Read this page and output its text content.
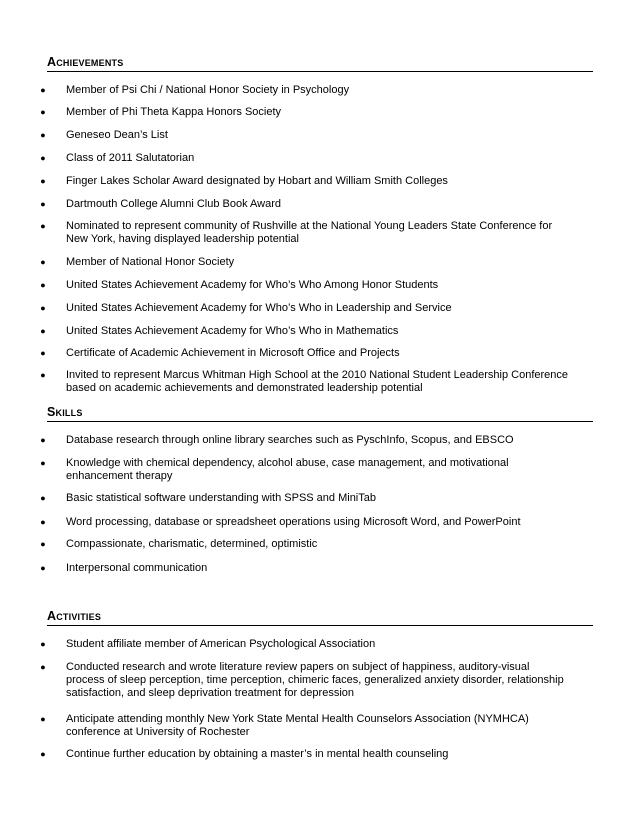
Achievements
● Member of Psi Chi / National Honor Society in Psychology
● Member of Phi Theta Kappa Honors Society
● Geneseo Dean’s List
● Class of 2011 Salutatorian
● Finger Lakes Scholar Award designated by Hobart and William Smith Colleges
● Dartmouth College Alumni Club Book Award
● Nominated to represent community of Rushville at the National Young Leaders State Conference for
New York, having displayed leadership potential
● Member of National Honor Society
● United States Achievement Academy for Who’s Who Among Honor Students
● United States Achievement Academy for Who’s Who in Leadership and Service
● United States Achievement Academy for Who’s Who in Mathematics
● Certificate of Academic Achievement in Microsoft Office and Projects
● Invited to represent Marcus Whitman High School at the 2010 National Student Leadership Conference
based on academic achievements and demonstrated leadership potential
Skills
● Database research through online library searches such as PyschInfo, Scopus, and EBSCO
● Knowledge with chemical dependency, alcohol abuse, case management, and motivational
enhancement therapy
● Basic statistical software understanding with SPSS and MiniTab
● Word processing, database or spreadsheet operations using Microsoft Word, and PowerPoint
● Compassionate, charismatic, determined, optimistic
● Interpersonal communication
Activities
● Student affiliate member of American Psychological Association
● Conducted research and wrote literature review papers on subject of happiness, auditory-visual
process of sleep perception, time perception, chimeric faces, generalized anxiety disorder, relationship
satisfaction, and sleep deprivation treatment for depression
● Anticipate attending monthly New York State Mental Health Counselors Association (NYMHCA)
conference at University of Rochester
● Continue further education by obtaining a master’s in mental health counseling
